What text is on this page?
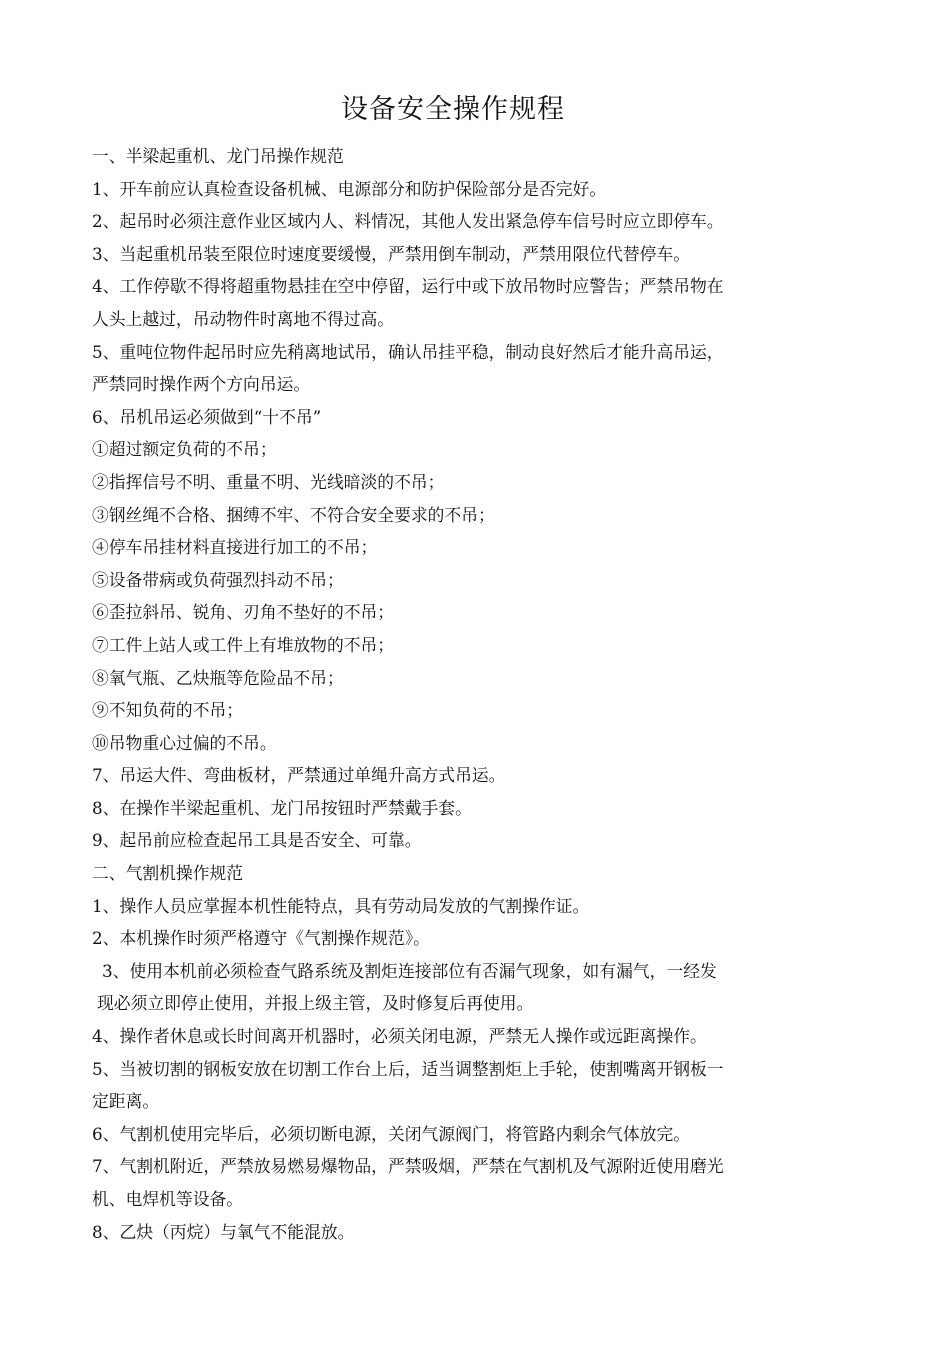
设备安全操作规程
一、半梁起重机、龙门吊操作规范
1、开车前应认真检查设备机械、电源部分和防护保险部分是否完好。
2、起吊时必须注意作业区域内人、料情况，其他人发出紧急停车信号时应立即停车。
3、当起重机吊装至限位时速度要缓慢，严禁用倒车制动，严禁用限位代替停车。
4、工作停歇不得将超重物悬挂在空中停留，运行中或下放吊物时应警告；严禁吊物在
人头上越过，吊动物件时离地不得过高。
5、重吨位物件起吊时应先稍离地试吊，确认吊挂平稳，制动良好然后才能升高吊运，
严禁同时操作两个方向吊运。
6、吊机吊运必须做到“十不吊”
①超过额定负荷的不吊；
②指挥信号不明、重量不明、光线暗淡的不吊；
③钢丝绳不合格、捆缚不牢、不符合安全要求的不吊；
④停车吊挂材料直接进行加工的不吊；
⑤设备带病或负荷强烈抖动不吊；
⑥歪拉斜吊、锐角、刃角不垫好的不吊；
⑦工件上站人或工件上有堆放物的不吊；
⑧氧气瓶、乙炔瓶等危险品不吊；
⑨不知负荷的不吊；
⑩吊物重心过偏的不吊。
7、吊运大件、弯曲板材，严禁通过单绳升高方式吊运。
8、在操作半梁起重机、龙门吊按钮时严禁戴手套。
9、起吊前应检查起吊工具是否安全、可靠。
二、气割机操作规范
1、操作人员应掌握本机性能特点，具有劳动局发放的气割操作证。
2、本机操作时须严格遵守《气割操作规范》。
3、使用本机前必须检查气路系统及割炬连接部位有否漏气现象，如有漏气，一经发
现必须立即停止使用，并报上级主管，及时修复后再使用。
4、操作者休息或长时间离开机器时，必须关闭电源，严禁无人操作或远距离操作。
5、当被切割的钢板安放在切割工作台上后，适当调整割炬上手轮，使割嘴离开钢板一
定距离。
6、气割机使用完毕后，必须切断电源，关闭气源阀门，将管路内剩余气体放完。
7、气割机附近，严禁放易燃易爆物品，严禁吸烟，严禁在气割机及气源附近使用磨光
机、电焊机等设备。
8、乙炔（丙烷）与氧气不能混放。
